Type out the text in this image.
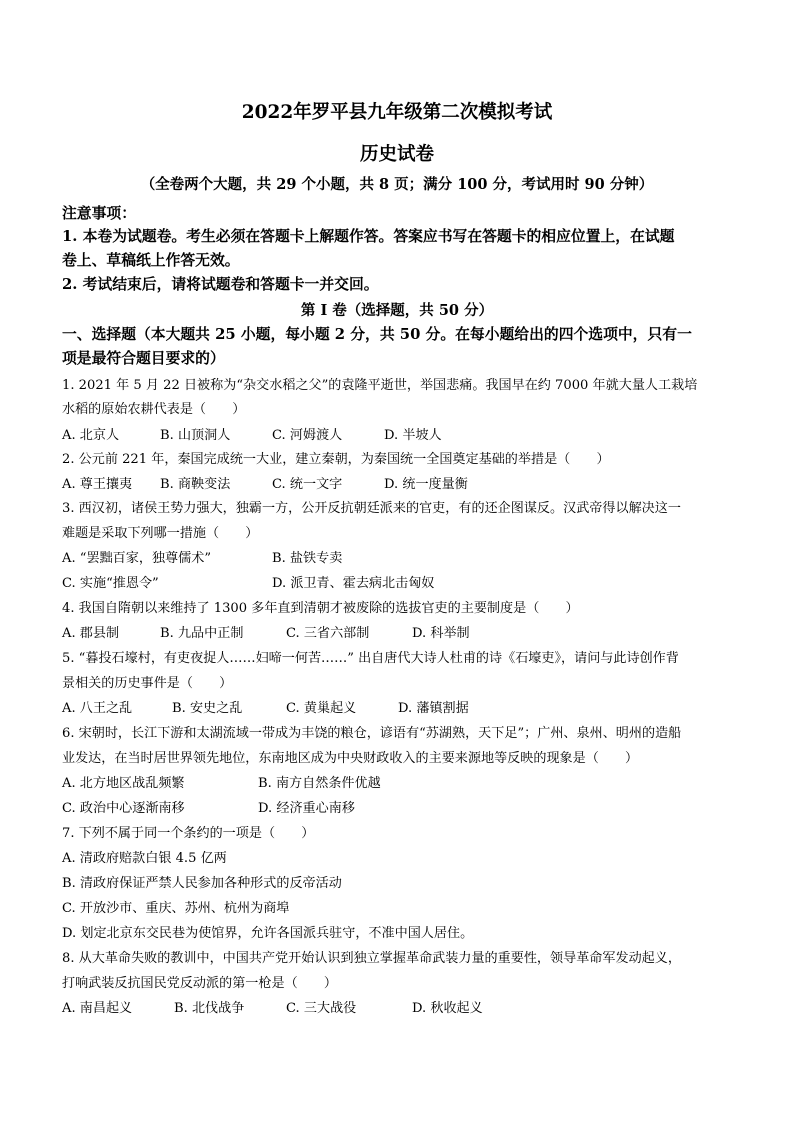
2022年罗平县九年级第二次模拟考试
历史试卷
（全卷两个大题，共 29 个小题，共 8 页；满分 100 分，考试用时 90 分钟）
注意事项：
1. 本卷为试题卷。考生必须在答题卡上解题作答。答案应书写在答题卡的相应位置上，在试题
卷上、草稿纸上作答无效。
2. 考试结束后，请将试题卷和答题卡一并交回。
第 I 卷（选择题，共 50 分）
一、选择题（本大题共 25 小题，每小题 2 分，共 50 分。在每小题给出的四个选项中，只有一
项是最符合题目要求的）
1. 2021 年 5 月 22 日被称为“杂交水稻之父”的袁隆平逝世，举国悲痛。我国早在约 7000 年就大量人工栽培
水稻的原始农耕代表是（　　）
A. 北京人	B. 山顶洞人	C. 河姆渡人	D. 半坡人
2. 公元前 221 年，秦国完成统一大业，建立秦朝，为秦国统一全国奠定基础的举措是（　　）
A. 尊王攘夷 B. 商鞅变法	C. 统一文字	D. 统一度量衡
3. 西汉初，诸侯王势力强大，独霸一方，公开反抗朝廷派来的官吏，有的还企图谋反。汉武帝得以解决这一
难题是采取下列哪一措施（　　）
A. “罢黜百家，独尊儒术”	B. 盐铁专卖
C. 实施“推恩令”	D. 派卫青、霍去病北击匈奴
4. 我国自隋朝以来维持了 1300 多年直到清朝才被废除的选拔官吏的主要制度是（　　）
A. 郡县制	B. 九品中正制	C. 三省六部制	D. 科举制
5. “暮投石壕村，有吏夜捉人……妇啼一何苦……” 出自唐代大诗人杜甫的诗《石壕吏》，请问与此诗创作背
景相关的历史事件是（　　）
A. 八王之乱	B. 安史之乱	C. 黄巢起义	D. 藩镇割据
6. 宋朝时，长江下游和太湖流域一带成为丰饶的粮仓，谚语有“苏湖熟，天下足”；广州、泉州、明州的造船
业发达，在当时居世界领先地位，东南地区成为中央财政收入的主要来源地等反映的现象是（　　）
A. 北方地区战乱频繁	B. 南方自然条件优越
C. 政治中心逐渐南移	D. 经济重心南移
7. 下列不属于同一个条约的一项是（　　）
A. 清政府赔款白银 4.5 亿两
B. 清政府保证严禁人民参加各种形式的反帝活动
C. 开放沙市、重庆、苏州、杭州为商埠
D. 划定北京东交民巷为使馆界，允许各国派兵驻守，不准中国人居住。
8. 从大革命失败的教训中，中国共产党开始认识到独立掌握革命武装力量的重要性，领导革命军发动起义，
打响武装反抗国民党反动派的第一枪是（　　）
A. 南昌起义	B. 北伐战争	C. 三大战役	D. 秋收起义
